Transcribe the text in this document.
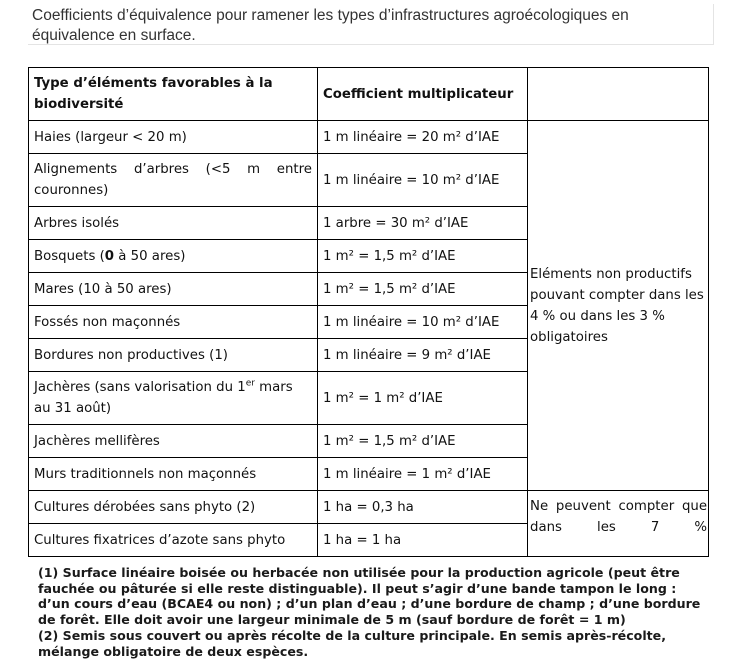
Coefficients d’équivalence pour ramener les types d’infrastructures agroécologiques en équivalence en surface.
Type d’éléments favorables à la biodiversité	Coefficient multiplicateur	
Haies (largeur < 20 m)	1 m linéaire = 20 m² d’IAE	Eléments non productifs pouvant compter dans les 4 % ou dans les 3 % obligatoires
Alignements d’arbres (<5 m entre couronnes)	1 m linéaire = 10 m² d’IAE	
Arbres isolés	1 arbre = 30 m² d’IAE	
Bosquets (0 à 50 ares)	1 m² = 1,5 m² d’IAE	
Mares (10 à 50 ares)	1 m² = 1,5 m² d’IAE	
Fossés non maçonnés	1 m linéaire = 10 m² d’IAE	
Bordures non productives (1)	1 m linéaire = 9 m² d’IAE	
Jachères (sans valorisation du 1er mars au 31 août)	1 m² = 1 m² d’IAE	
Jachères mellifères	1 m² = 1,5 m² d’IAE	
Murs traditionnels non maçonnés	1 m linéaire = 1 m² d’IAE	
Cultures dérobées sans phyto (2)	1 ha = 0,3 ha	Ne peuvent compter que dans les 7 %

Cultures fixatrices d’azote sans phyto	1 ha = 1 ha	

(1) Surface linéaire boisée ou herbacée non utilisée pour la production agricole (peut être fauchée ou pâturée si elle reste distinguable). Il peut s’agir d’une bande tampon le long : d’un cours d’eau (BCAE4 ou non) ; d’un plan d’eau ; d’une bordure de champ ; d’une bordure de forêt. Elle doit avoir une largeur minimale de 5 m (sauf bordure de forêt = 1 m)

(2) Semis sous couvert ou après récolte de la culture principale. En semis après-récolte, mélange obligatoire de deux espèces.
